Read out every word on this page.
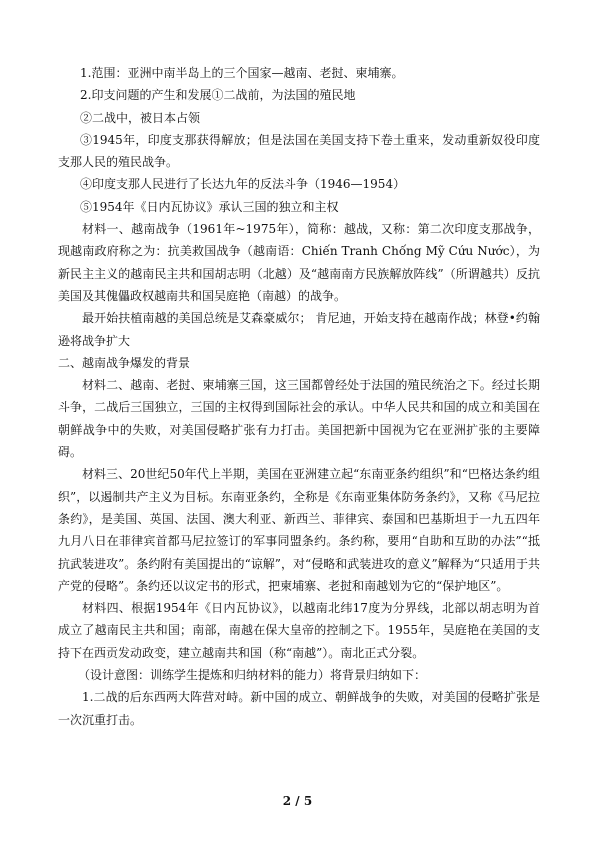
1.范围：亚洲中南半岛上的三个国家—越南、老挝、柬埔寨。

2.印支问题的产生和发展①二战前，为法国的殖民地

②二战中，被日本占领

③1945年，印度支那获得解放；但是法国在美国支持下卷土重来，发动重新奴役印度支那人民的殖民战争。

④印度支那人民进行了长达九年的反法斗争（1946—1954）

⑤1954年《日内瓦协议》承认三国的独立和主权

材料一、越南战争（1961年~1975年），简称：越战，又称：第二次印度支那战争，现越南政府称之为：抗美救国战争（越南语：Chiến Tranh Chống Mỹ Cứu Nước），为新民主主义的越南民主共和国胡志明（北越）及“越南南方民族解放阵线”（所谓越共）反抗美国及其傀儡政权越南共和国吴庭艳（南越）的战争。

最开始扶植南越的美国总统是艾森豪威尔； 肯尼迪，开始支持在越南作战；林登•约翰逊将战争扩大

二、越南战争爆发的背景

材料二、越南、老挝、柬埔寨三国，这三国都曾经处于法国的殖民统治之下。经过长期斗争，二战后三国独立，三国的主权得到国际社会的承认。中华人民共和国的成立和美国在朝鲜战争中的失败，对美国侵略扩张有力打击。美国把新中国视为它在亚洲扩张的主要障碍。

材料三、20世纪50年代上半期，美国在亚洲建立起“东南亚条约组织”和“巴格达条约组织”，以遏制共产主义为目标。东南亚条约，全称是《东南亚集体防务条约》，又称《马尼拉条约》，是美国、英国、法国、澳大利亚、新西兰、菲律宾、泰国和巴基斯坦于一九五四年九月八日在菲律宾首都马尼拉签订的军事同盟条约。条约称，要用“自助和互助的办法”“抵抗武装进攻”。条约附有美国提出的“谅解”，对“侵略和武装进攻的意义”解释为“只适用于共产党的侵略”。条约还以议定书的形式，把柬埔寨、老挝和南越划为它的“保护地区”。

材料四、根据1954年《日内瓦协议》，以越南北纬17度为分界线，北部以胡志明为首成立了越南民主共和国；南部，南越在保大皇帝的控制之下。1955年，吴庭艳在美国的支持下在西贡发动政变，建立越南共和国（称“南越”）。南北正式分裂。

（设计意图：训练学生提炼和归纳材料的能力）将背景归纳如下：

1.二战的后东西两大阵营对峙。新中国的成立、朝鲜战争的失败，对美国的侵略扩张是一次沉重打击。

2 / 5
